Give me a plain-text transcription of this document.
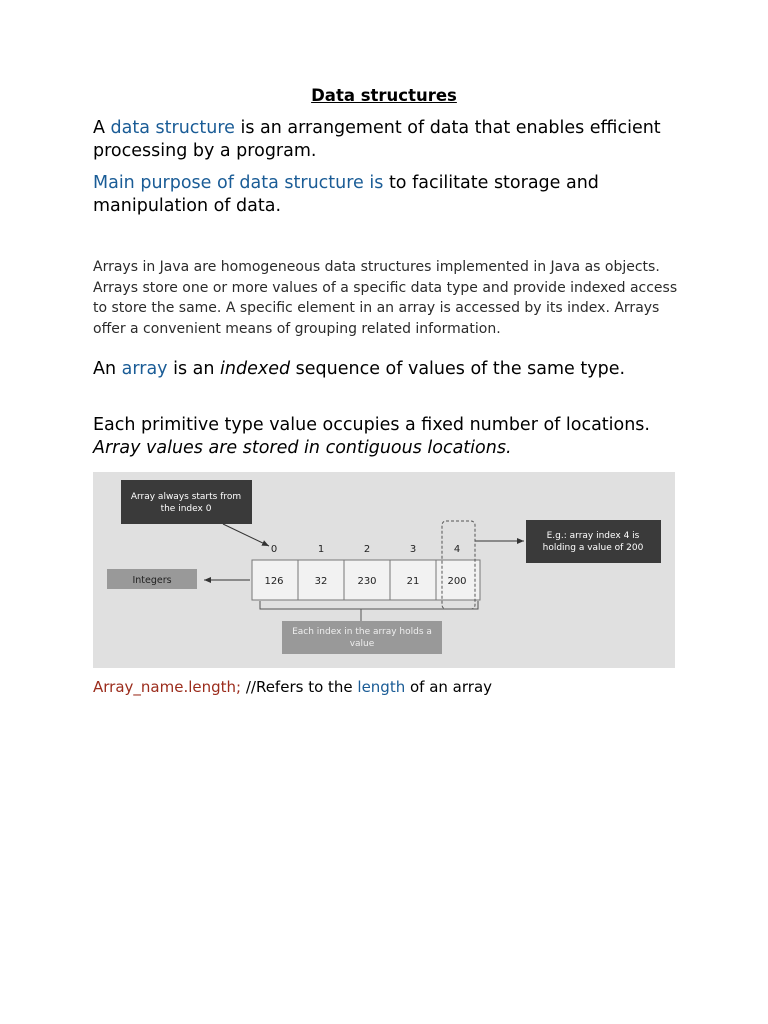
Data structures
A data structure is an arrangement of data that enables efficient processing by a program.
Main purpose of data structure is to facilitate storage and manipulation of data.
Arrays in Java are homogeneous data structures implemented in Java as objects. Arrays store one or more values of a specific data type and provide indexed access to store the same. A specific element in an array is accessed by its index. Arrays offer a convenient means of grouping related information.
An array is an indexed sequence of values of the same type.
Each primitive type value occupies a fixed number of locations. Array values are stored in contiguous locations.
Array always starts from
the index 0
E.g.: array index 4 is
holding a value of 200
0	1	2	3	4
126	32	230	21	200
Integers
Each index in the array holds a
value
Array_name.length; //Refers to the length of an array
